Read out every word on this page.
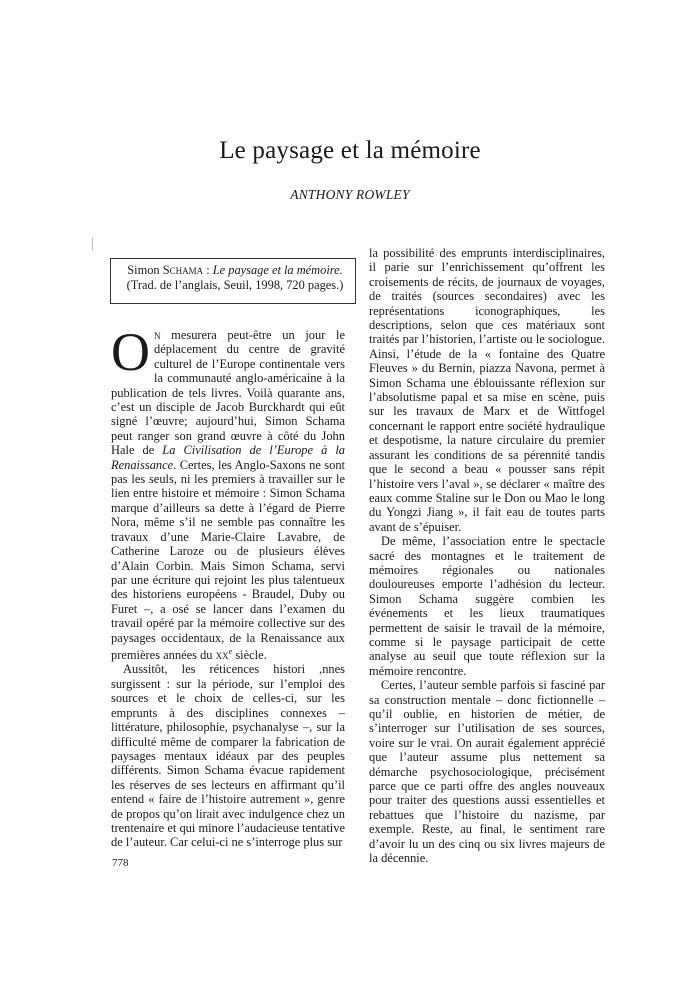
Le paysage et la mémoire
ANTHONY ROWLEY
Simon Schama : Le paysage et la mémoire.
(Trad. de l’anglais, Seuil, 1998, 720 pages.)

On mesurera peut-être un jour le déplacement du centre de gravité culturel de l’Europe continentale vers la communauté anglo-américaine à la publication de tels livres. Voilà quarante ans, c’est un disciple de Jacob Burckhardt qui eût signé l’œuvre; aujourd’hui, Simon Schama peut ranger son grand œuvre à côté du John Hale de La Civilisation de l’Europe à la Renaissance. Certes, les Anglo-Saxons ne sont pas les seuls, ni les premiers à travailler sur le lien entre histoire et mémoire : Simon Schama marque d’ailleurs sa dette à l’égard de Pierre Nora, même s’il ne semble pas connaître les travaux d’une Marie-Claire Lavabre, de Catherine Laroze ou de plusieurs élèves d’Alain Corbin. Mais Simon Schama, servi par une écriture qui rejoint les plus talentueux des historiens européens - Braudel, Duby ou Furet –, a osé se lancer dans l’examen du travail opéré par la mémoire collective sur des paysages occidentaux, de la Renaissance aux premières années du $xx^e$ siècle.

Aussitôt, les réticences histori ,nnes surgissent : sur la période, sur l’emploi des sources et le choix de celles-ci, sur les emprunts à des disciplines connexes – littérature, philosophie, psychanalyse –, sur la difficulté même de comparer la fabrication de paysages mentaux idéaux par des peuples différents. Simon Schama évacue rapidement les réserves de ses lecteurs en affirmant qu’il entend « faire de l’histoire autrement », genre de propos qu’on lirait avec indulgence chez un trentenaire et qui minore l’audacieuse tentative de l’auteur. Car celui-ci ne s’interroge plus sur

la possibilité des emprunts interdisciplinaires, il parie sur l’enrichissement qu’offrent les croisements de récits, de journaux de voyages, de traités (sources secondaires) avec les représentations iconographiques, les descriptions, selon que ces matériaux sont traités par l’historien, l’artiste ou le sociologue. Ainsi, l’étude de la « fontaine des Quatre Fleuves » du Bernin, piazza Navona, permet à Simon Schama une éblouissante réflexion sur l’absolutisme papal et sa mise en scène, puis sur les travaux de Marx et de Wittfogel concernant le rapport entre société hydraulique et despotisme, la nature circulaire du premier assurant les conditions de sa pérennité tandis que le second a beau « pousser sans répit l’histoire vers l’aval », se déclarer « maître des eaux comme Staline sur le Don ou Mao le long du Yongzi Jiang », il fait eau de toutes parts avant de s’épuiser.

De même, l’association entre le spectacle sacré des montagnes et le traitement de mémoires régionales ou nationales douloureuses emporte l’adhésion du lecteur. Simon Schama suggère combien les événements et les lieux traumatiques permettent de saisir le travail de la mémoire, comme si le paysage participait de cette analyse au seuil que toute réflexion sur la mémoire rencontre.

Certes, l’auteur semble parfois si fasciné par sa construction mentale – donc fictionnelle – qu’il oublie, en historien de métier, de s’interroger sur l’utilisation de ses sources, voire sur le vrai. On aurait également apprécié que l’auteur assume plus nettement sa démarche psychosociologique, précisément parce que ce parti offre des angles nouveaux pour traiter des questions aussi essentielles et rebattues que l’histoire du nazisme, par exemple. Reste, au final, le sentiment rare d’avoir lu un des cinq ou six livres majeurs de la décennie.

778
